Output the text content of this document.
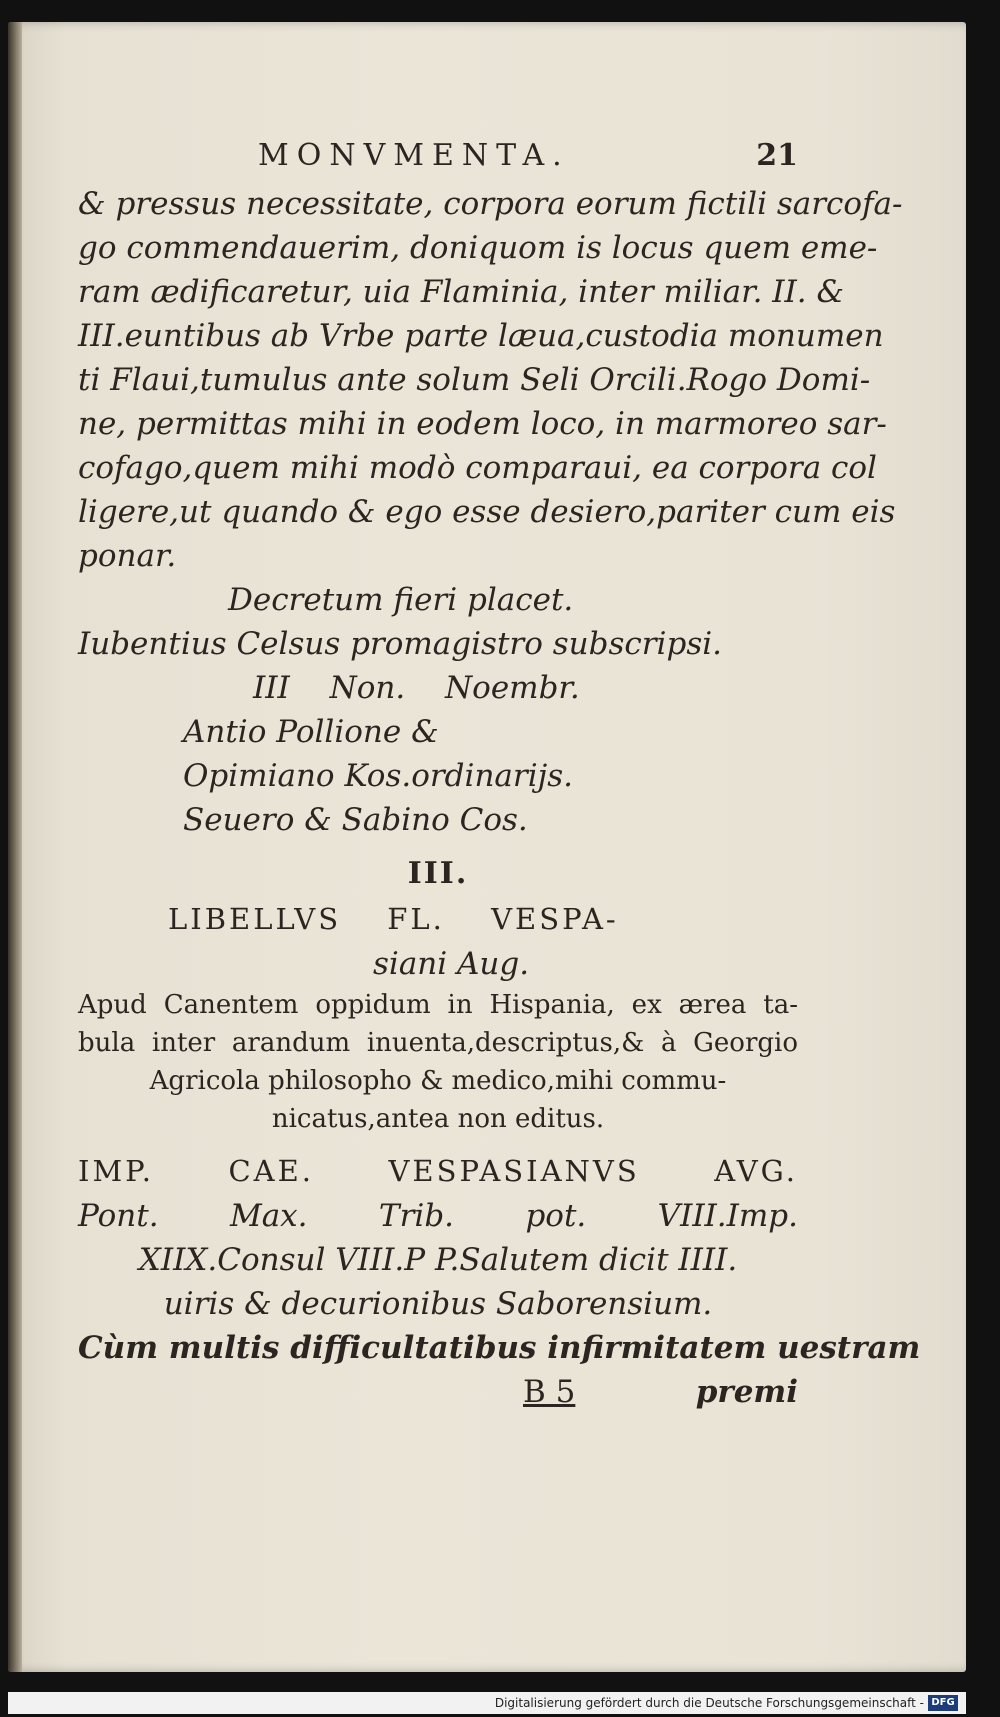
MONVMENTA.	21
& pressus necessitate, corpora eorum fictili sarcofa-
go commendauerim, doniquom is locus quem eme-
ram ædificaretur, uia Flaminia, inter miliar. II. &
III.euntibus ab Vrbe parte læua,custodia monumen
ti Flaui,tumulus ante solum Seli Orcili.Rogo Domi-
ne, permittas mihi in eodem loco, in marmoreo sar-
cofago,quem mihi modò comparaui, ea corpora col
ligere,ut quando & ego esse desiero,pariter cum eis
ponar.
Decretum fieri placet.
Iubentius Celsus promagistro subscripsi.
III Non. Noembr.
Antio Pollione &
Opimiano Kos.ordinarijs.
Seuero & Sabino Cos.
III.
LIBELLVS FL. VESPA-
siani Aug.
Apud Canentem oppidum in Hispania, ex ærea ta-
bula inter arandum inuenta,descriptus,& à Georgio
Agricola philosopho & medico,mihi commu-
nicatus,antea non editus.
IMP. CAE. VESPASIANVS AVG.
Pont. Max. Trib. pot. VIII.Imp.
XIIX.Consul VIII.P P.Salutem dicit IIII.
uiris & decurionibus Saborensium.
Cùm multis difficultatibus infirmitatem uestram
B 5	premi
Digitalisierung gefördert durch die Deutsche Forschungsgemeinschaft - DFG
